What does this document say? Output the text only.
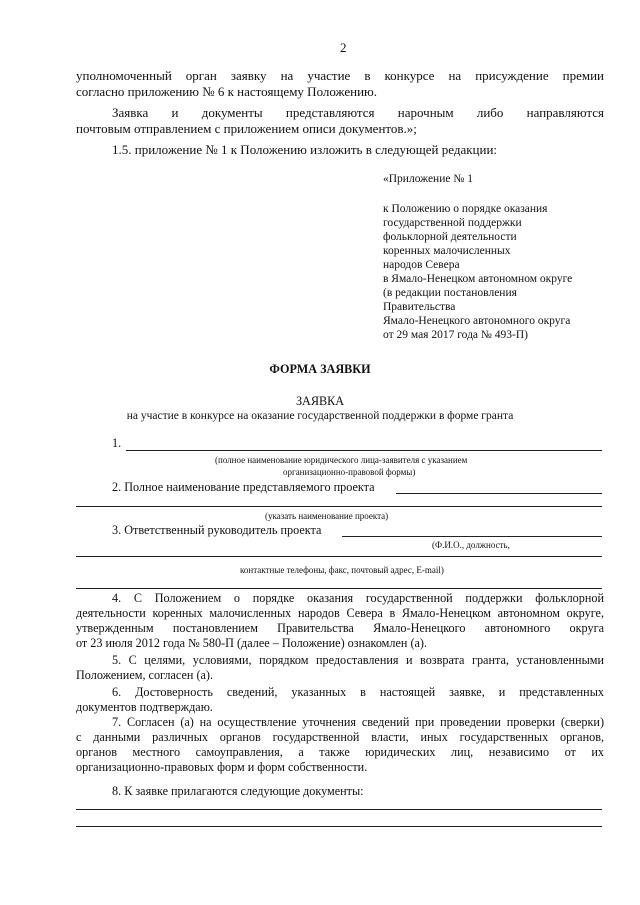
2
уполномоченный орган заявку на участие в конкурсе на присуждение премии
согласно приложению № 6 к настоящему Положению.
Заявка и документы представляются нарочным либо направляются
почтовым отправлением с приложением описи документов.»;
1.5. приложение № 1 к Положению изложить в следующей редакции:
«Приложение № 1
к Положению о порядке оказания
государственной поддержки
фольклорной деятельности
коренных малочисленных
народов Севера
в Ямало-Ненецком автономном округе
(в редакции постановления
Правительства
Ямало-Ненецкого автономного округа
от 29 мая 2017 года № 493-П)
ФОРМА ЗАЯВКИ
ЗАЯВКА
на участие в конкурсе на оказание государственной поддержки в форме гранта
1.
(полное наименование юридического лица-заявителя с указанием
организационно-правовой формы)
2. Полное наименование представляемого проекта
(указать наименование проекта)
3. Ответственный руководитель проекта
(Ф.И.О., должность,
контактные телефоны, факс, почтовый адрес, E-mail)
4. С Положением о порядке оказания государственной поддержки фольклорной
деятельности коренных малочисленных народов Севера в Ямало-Ненецком автономном округе,
утвержденным постановлением Правительства Ямало-Ненецкого автономного округа
от 23 июля 2012 года № 580-П (далее – Положение) ознакомлен (а).
5. С целями, условиями, порядком предоставления и возврата гранта, установленными
Положением, согласен (а).
6. Достоверность сведений, указанных в настоящей заявке, и представленных
документов подтверждаю.
7. Согласен (а) на осуществление уточнения сведений при проведении проверки (сверки)
с данными различных органов государственной власти, иных государственных органов,
органов местного самоуправления, а также юридических лиц, независимо от их
организационно-правовых форм и форм собственности.
8. К заявке прилагаются следующие документы:
